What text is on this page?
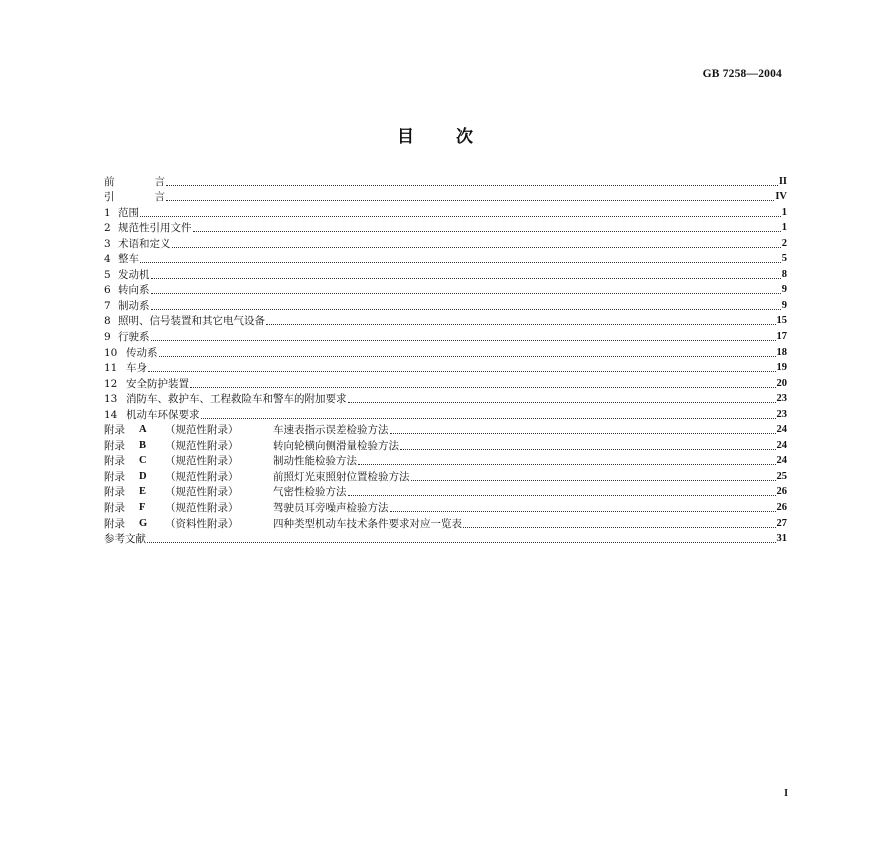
GB 7258—2004
目 次
前	言	II
引	言	IV
1 范围	1
2 规范性引用文件	1
3 术语和定义	2
4 整车	5
5 发动机	8
6 转向系	9
7 制动系	9
8 照明、信号装置和其它电气设备	15
9 行驶系	17
10 传动系	18
11 车身	19
12 安全防护装置	20
13 消防车、救护车、工程救险车和警车的附加要求	23
14 机动车环保要求	23
附录	A	（规范性附录）	车速表指示误差检验方法	24
附录	B	（规范性附录）	转向轮横向侧滑量检验方法	24
附录	C	（规范性附录）	制动性能检验方法	24
附录	D	（规范性附录）	前照灯光束照射位置检验方法	25
附录	E	（规范性附录）	气密性检验方法	26
附录	F	（规范性附录）	驾驶员耳旁噪声检验方法	26
附录	G	（资料性附录）	四种类型机动车技术条件要求对应一览表	27
参考文献	31
I
